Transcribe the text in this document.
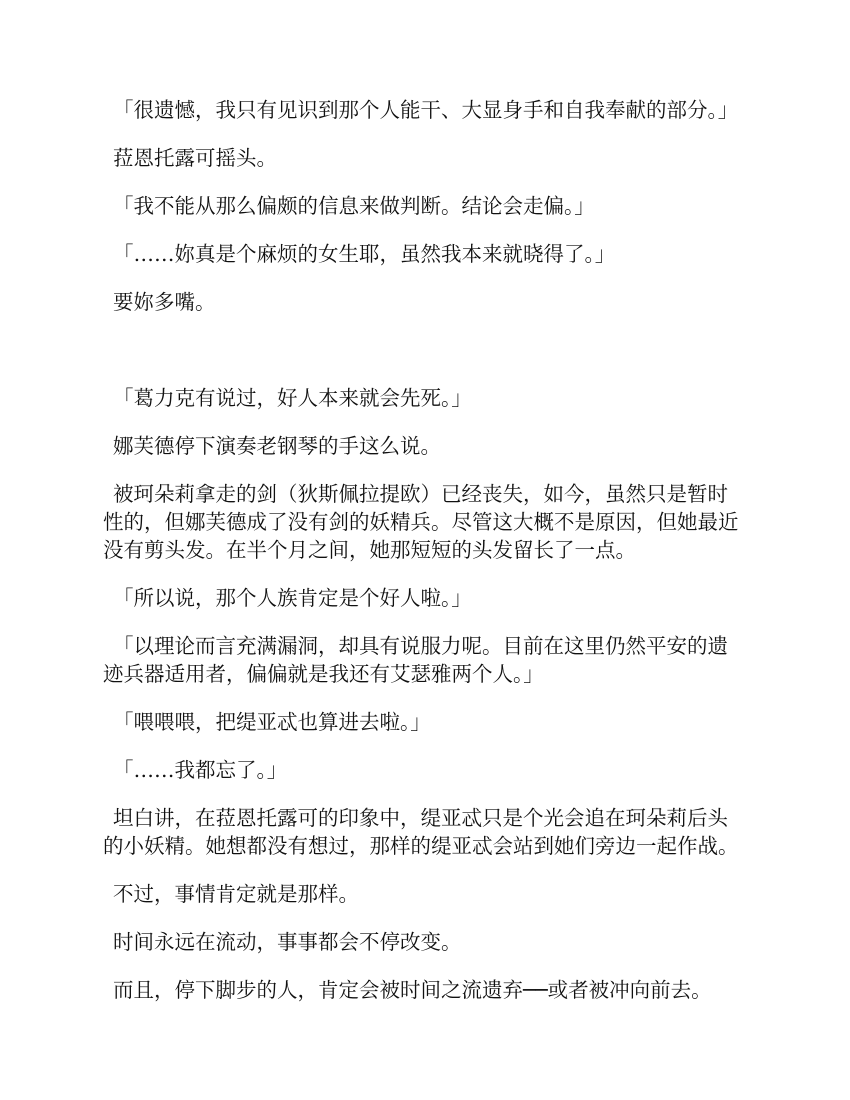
「很遗憾，我只有见识到那个人能干、大显身手和自我奉献的部分。」

菈恩托露可摇头。

「我不能从那么偏颇的信息来做判断。结论会走偏。」

「……妳真是个麻烦的女生耶，虽然我本来就晓得了。」

要妳多嘴。

「葛力克有说过，好人本来就会先死。」

娜芙德停下演奏老钢琴的手这么说。

被珂朵莉拿走的剑（狄斯佩拉提欧）已经丧失，如今，虽然只是暂时性的，但娜芙德成了没有剑的妖精兵。尽管这大概不是原因，但她最近没有剪头发。在半个月之间，她那短短的头发留长了一点。

「所以说，那个人族肯定是个好人啦。」

「以理论而言充满漏洞，却具有说服力呢。目前在这里仍然平安的遗迹兵器适用者，偏偏就是我还有艾瑟雅两个人。」

「喂喂喂，把缇亚忒也算进去啦。」

「……我都忘了。」

坦白讲，在菈恩托露可的印象中，缇亚忒只是个光会追在珂朵莉后头的小妖精。她想都没有想过，那样的缇亚忒会站到她们旁边一起作战。

不过，事情肯定就是那样。

时间永远在流动，事事都会不停改变。

而且，停下脚步的人，肯定会被时间之流遗弃──或者被冲向前去。
